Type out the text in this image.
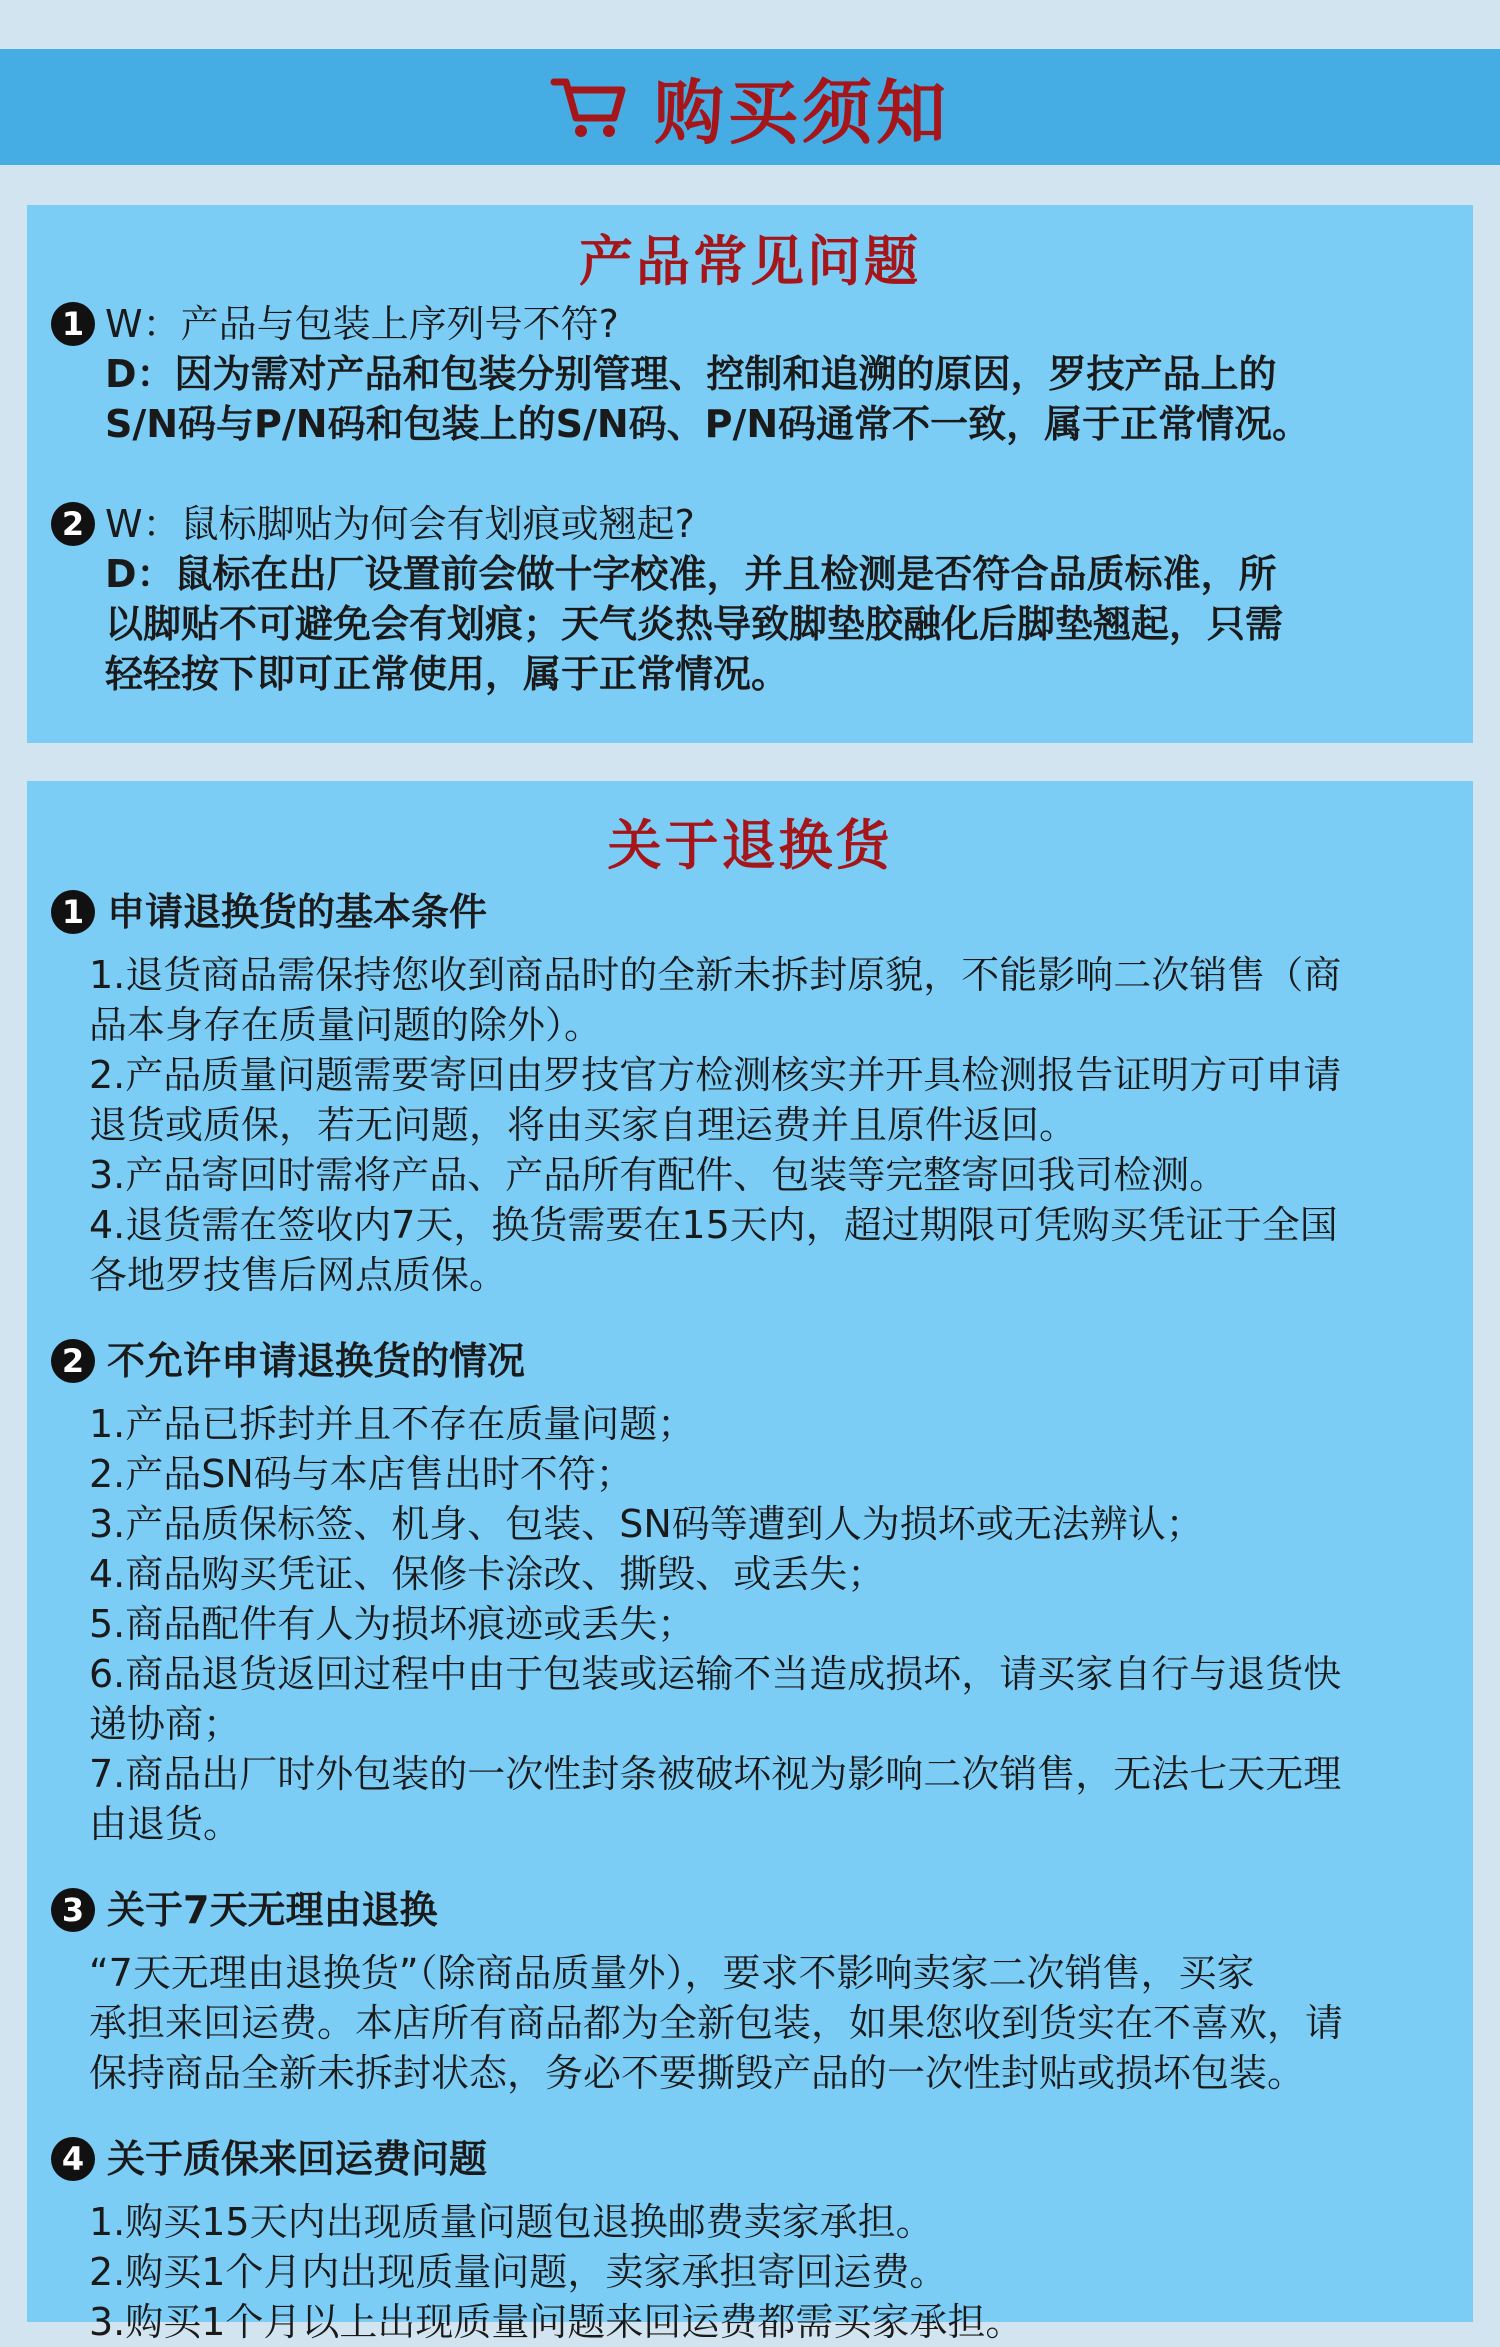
购买须知
产品常见问题
1 W：产品与包装上序列号不符?
D：因为需对产品和包装分别管理、控制和追溯的原因，罗技产品上的
S/N码与P/N码和包装上的S/N码、P/N码通常不一致，属于正常情况。
2 W：鼠标脚贴为何会有划痕或翘起?
D：鼠标在出厂设置前会做十字校准，并且检测是否符合品质标准，所
以脚贴不可避免会有划痕；天气炎热导致脚垫胶融化后脚垫翘起，只需
轻轻按下即可正常使用，属于正常情况。
关于退换货
1 申请退换货的基本条件
1.退货商品需保持您收到商品时的全新未拆封原貌，不能影响二次销售（商
品本身存在质量问题的除外）。
2.产品质量问题需要寄回由罗技官方检测核实并开具检测报告证明方可申请
退货或质保，若无问题，将由买家自理运费并且原件返回。
3.产品寄回时需将产品、产品所有配件、包装等完整寄回我司检测。
4.退货需在签收内7天，换货需要在15天内，超过期限可凭购买凭证于全国
各地罗技售后网点质保。
2 不允许申请退换货的情况
1.产品已拆封并且不存在质量问题；
2.产品SN码与本店售出时不符；
3.产品质保标签、机身、包装、SN码等遭到人为损坏或无法辨认；
4.商品购买凭证、保修卡涂改、撕毁、或丢失；
5.商品配件有人为损坏痕迹或丢失；
6.商品退货返回过程中由于包装或运输不当造成损坏，请买家自行与退货快
递协商；
7.商品出厂时外包装的一次性封条被破坏视为影响二次销售，无法七天无理
由退货。
3 关于7天无理由退换
“7天无理由退换货”（除商品质量外），要求不影响卖家二次销售，买家
承担来回运费。本店所有商品都为全新包装，如果您收到货实在不喜欢，请
保持商品全新未拆封状态，务必不要撕毁产品的一次性封贴或损坏包装。
4 关于质保来回运费问题
1.购买15天内出现质量问题包退换邮费卖家承担。
2.购买1个月内出现质量问题，卖家承担寄回运费。
3.购买1个月以上出现质量问题来回运费都需买家承担。
